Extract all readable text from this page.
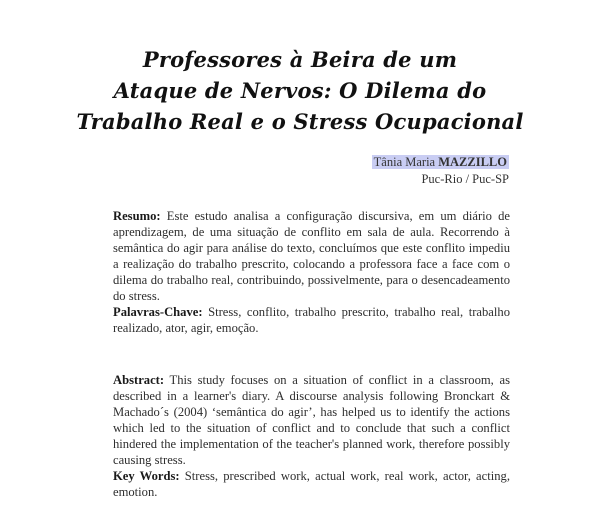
Professores à Beira de um
Ataque de Nervos: O Dilema do
Trabalho Real e o Stress Ocupacional
Tânia Maria MAZZILLO
Puc-Rio / Puc-SP

Resumo: Este estudo analisa a configuração discursiva, em um diário de aprendizagem, de uma situação de conflito em sala de aula. Recorrendo à semântica do agir para análise do texto, concluímos que este conflito impediu a realização do trabalho prescrito, colocando a professora face a face com o dilema do trabalho real, contribuindo, possivelmente, para o desencadeamento do stress.

Palavras-Chave: Stress, conflito, trabalho prescrito, trabalho real, trabalho realizado, ator, agir, emoção.

Abstract: This study focuses on a situation of conflict in a classroom, as described in a learner's diary. A discourse analysis following Bronckart & Machado´s (2004) ‘semântica do agir’, has helped us to identify the actions which led to the situation of conflict and to conclude that such a conflict hindered the implementation of the teacher's planned work, therefore possibly causing stress.

Key Words: Stress, prescribed work, actual work, real work, actor, acting, emotion.
